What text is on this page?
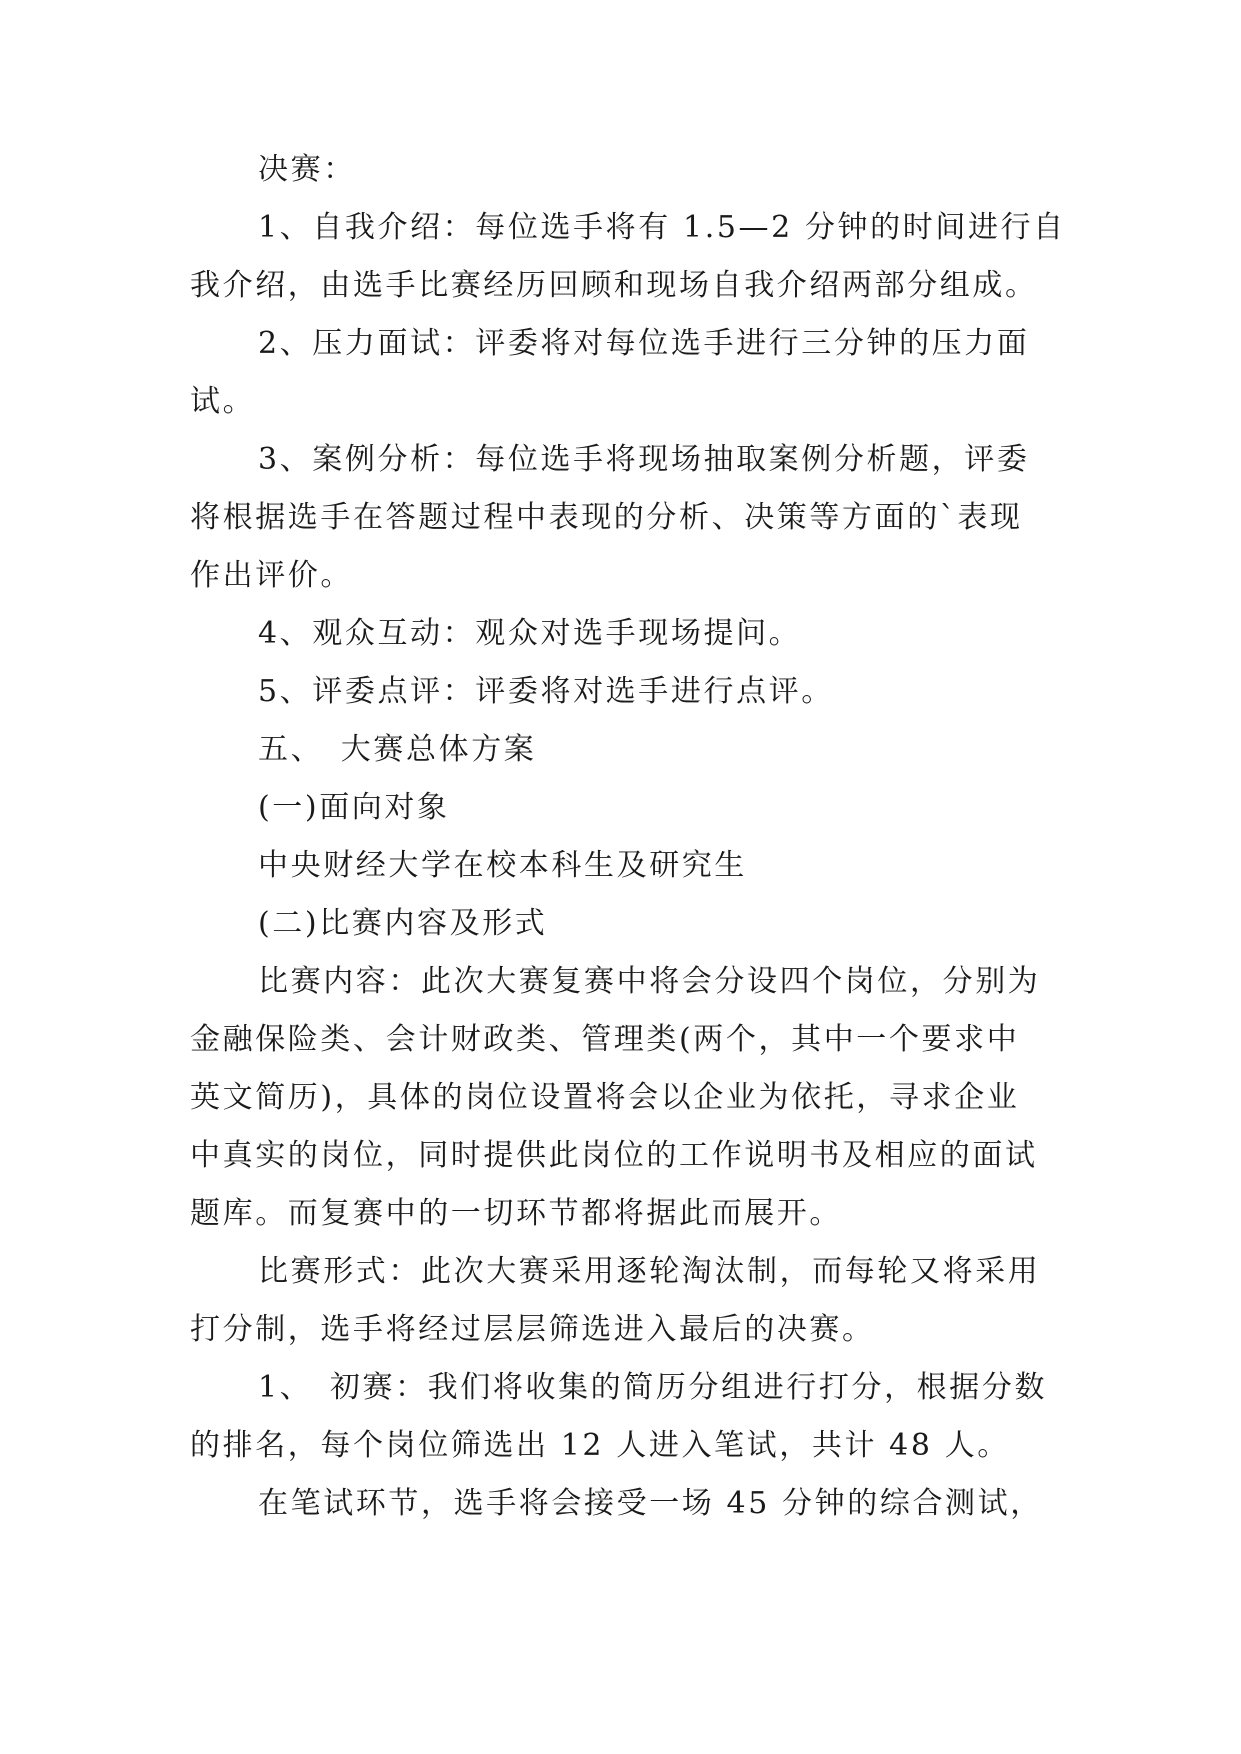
决赛：
1、自我介绍：每位选手将有 1.5—2 分钟的时间进行自
我介绍，由选手比赛经历回顾和现场自我介绍两部分组成。
2、压力面试：评委将对每位选手进行三分钟的压力面
试。
3、案例分析：每位选手将现场抽取案例分析题，评委
将根据选手在答题过程中表现的分析、决策等方面的`表现
作出评价。
4、观众互动：观众对选手现场提问。
5、评委点评：评委将对选手进行点评。
五、　大赛总体方案
(一)面向对象
中央财经大学在校本科生及研究生
(二)比赛内容及形式
比赛内容：此次大赛复赛中将会分设四个岗位，分别为
金融保险类、会计财政类、管理类(两个，其中一个要求中
英文简历)，具体的岗位设置将会以企业为依托，寻求企业
中真实的岗位，同时提供此岗位的工作说明书及相应的面试
题库。而复赛中的一切环节都将据此而展开。
比赛形式：此次大赛采用逐轮淘汰制，而每轮又将采用
打分制，选手将经过层层筛选进入最后的决赛。
1、　初赛：我们将收集的简历分组进行打分，根据分数
的排名，每个岗位筛选出 12 人进入笔试，共计 48 人。
在笔试环节，选手将会接受一场 45 分钟的综合测试，
